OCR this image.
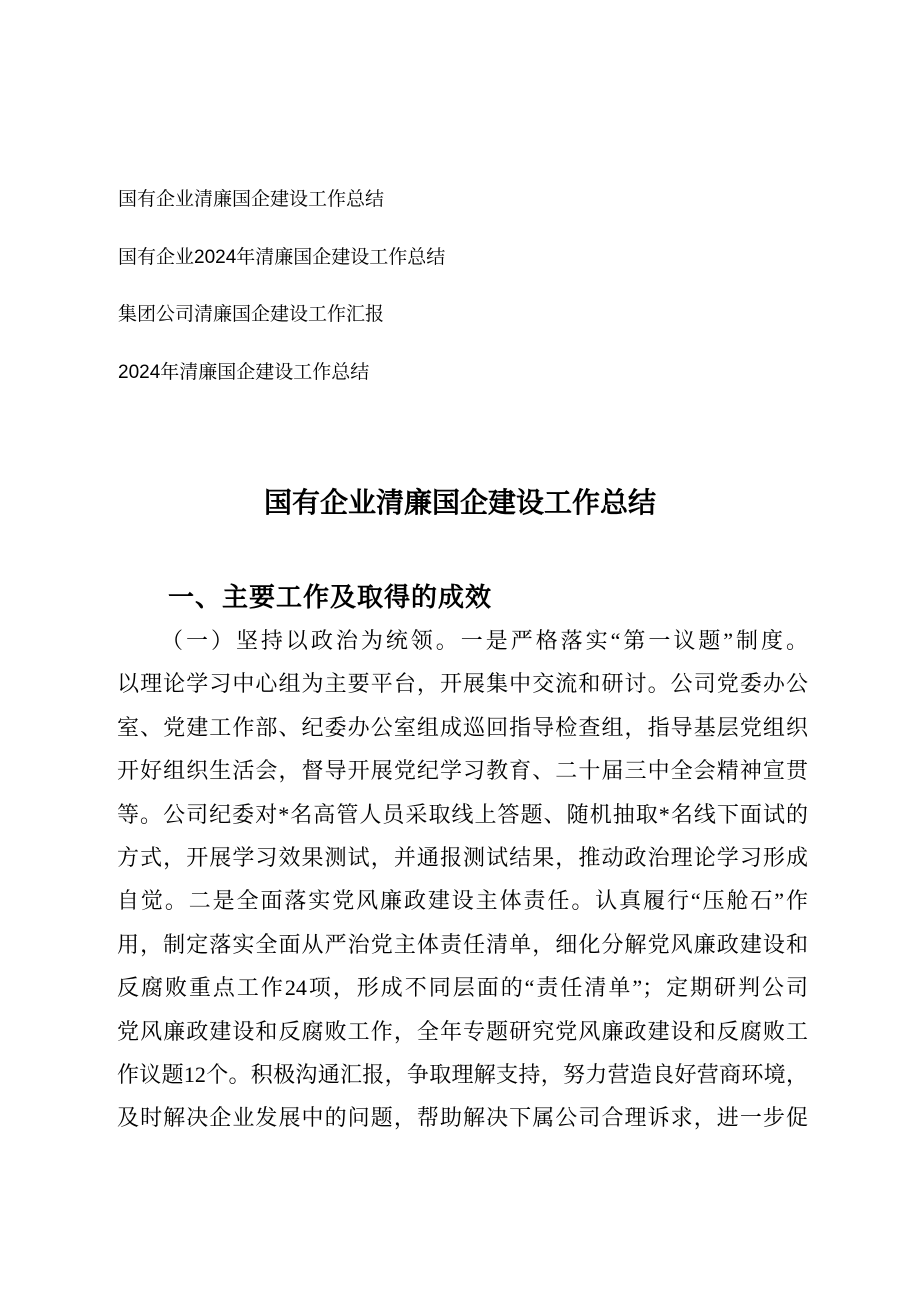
国有企业清廉国企建设工作总结
国有企业2024年清廉国企建设工作总结
集团公司清廉国企建设工作汇报
2024年清廉国企建设工作总结
国有企业清廉国企建设工作总结
一、主要工作及取得的成效
（一）坚持以政治为统领。一是严格落实“第一议题”制度。
以理论学习中心组为主要平台，开展集中交流和研讨。公司党委办公
室、党建工作部、纪委办公室组成巡回指导检查组，指导基层党组织
开好组织生活会，督导开展党纪学习教育、二十届三中全会精神宣贯
等。公司纪委对*名高管人员采取线上答题、随机抽取*名线下面试的
方式，开展学习效果测试，并通报测试结果，推动政治理论学习形成
自觉。二是全面落实党风廉政建设主体责任。认真履行“压舱石”作
用，制定落实全面从严治党主体责任清单，细化分解党风廉政建设和
反腐败重点工作24项，形成不同层面的“责任清单”；定期研判公司
党风廉政建设和反腐败工作，全年专题研究党风廉政建设和反腐败工
作议题12个。积极沟通汇报，争取理解支持，努力营造良好营商环境，
及时解决企业发展中的问题，帮助解决下属公司合理诉求，进一步促
